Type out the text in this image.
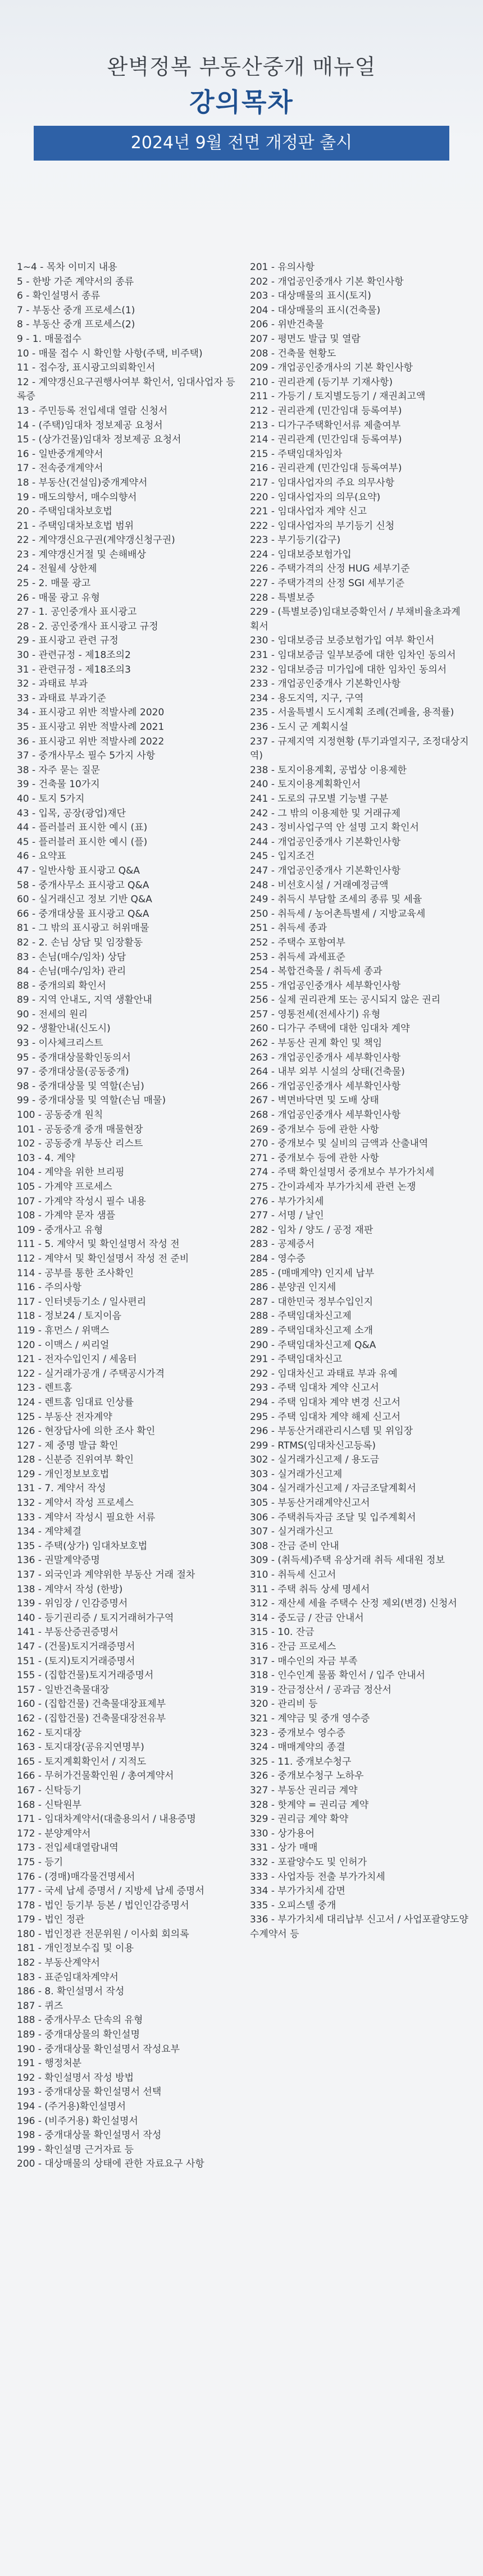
완벽정복 부동산중개 매뉴얼
강의목차
2024년 9월 전면 개정판 출시
1~4 - 목차 이미지 내용
5 - 한방 가준 계약서의 종류
6 - 확인설명서 종류
7 - 부동산 중개 프로세스(1)
8 - 부동산 중개 프로세스(2)
9 - 1. 매물접수
10 - 매물 접수 시 확인할 사항(주택, 비주택)
11 - 접수장, 표시광고의뢰확인서
12 - 계약갱신요구권행사여부 확인서, 임대사업자 등록증
13 - 주민등록 전입세대 열람 신청서
14 - (주택)임대차 정보제공 요청서
15 - (상가건물)임대차 정보제공 요청서
16 - 일반중개계약서
17 - 전속중개계약서
18 - 부동산(건설임)중개계약서
19 - 매도의향서, 매수의향서
20 - 주택임대차보호법
21 - 주택임대차보호법 범위
22 - 계약갱신요구권(계약갱신청구권)
23 - 계약갱신거절 및 손해배상
24 - 전월세 상한제
25 - 2. 매물 광고
26 - 매물 광고 유형
27 - 1. 공인중개사 표시광고
28 - 2. 공인중개사 표시광고 규정
29 - 표시광고 관련 규정
30 - 관련규정 - 제18조의2
31 - 관련규정 - 제18조의3
32 - 과태료 부과
33 - 과태료 부과기준
34 - 표시광고 위반 적발사례 2020
35 - 표시광고 위반 적발사례 2021
36 - 표시광고 위반 적발사례 2022
37 - 중개사무소 필수 5가지 사항
38 - 자주 묻는 질문
39 - 건축물 10가지
40 - 토지 5가지
43 - 입목, 공장(광업)재단
44 - 플러블러 표시한 예시 (표)
45 - 플러블러 표시한 예시 (플)
46 - 요약표
47 - 일반사항 표시광고 Q&A
58 - 중개사무소 표시광고 Q&A
60 - 실거래신고 정보 기반 Q&A
66 - 중개대상물 표시광고 Q&A
81 - 그 밖의 표시광고 허위매물
82 - 2. 손님 상담 및 임장활동
83 - 손님(매수/임차) 상담
84 - 손님(매수/임차) 관리
88 - 중개의뢰 확인서
89 - 지역 안내도, 지역 생활안내
90 - 전세의 원리
92 - 생활안내(신도시)
93 - 이사체크리스트
95 - 중개대상물확인동의서
97 - 중개대상물(공동중개)
98 - 중개대상물 및 역할(손님)
99 - 중개대상물 및 역할(손님 매물)
100 - 공동중개 원칙
101 - 공동중개 중개 매물현장
102 - 공동중개 부동산 리스트
103 - 4. 계약
104 - 계약을 위한 브리핑
105 - 가계약 프로세스
107 - 가계약 작성시 필수 내용
108 - 가계약 문자 샘플
109 - 중개사고 유형
111 - 5. 계약서 및 확인설명서 작성 전
112 - 계약서 및 확인설명서 작성 전 준비
114 - 공부를 통한 조사확인
116 - 주의사항
117 - 인터넷등기소 / 일사편리
118 - 정보24 / 토지이음
119 - 휴먼스 / 위맥스
120 - 이맥스 / 씨리얼
121 - 전자수입인지 / 세움터
122 - 실거래가공개 / 주택공시가격
123 - 렌트홈
124 - 렌트홈 임대료 인상률
125 - 부동산 전자계약
126 - 현장답사에 의한 조사 확인
127 - 제 중명 발급 확인
128 - 신분증 진위여부 확인
129 - 개인정보보호법
131 - 7. 계약서 작성
132 - 계약서 작성 프로세스
133 - 계약서 작성시 필요한 서류
134 - 계약체결
135 - 주택(상가) 임대차보호법
136 - 권말계약증명
137 - 외국인과 계약위한 부동산 거래 절차
138 - 계약서 작성 (한방)
139 - 위임장 / 인감증명서
140 - 등기권리증 / 토지거래허가구역
141 - 부동산증권증명서
147 - (건물)토지거래증명서
151 - (토지)토지거래증명서
155 - (집합건물)토지거래증명서
157 - 일반건축물대장
160 - (집합건물) 건축물대장표제부
162 - (집합건물) 건축물대장전유부
162 - 토지대장
163 - 토지대장(공유지연명부)
165 - 토지계획확인서 / 지적도
166 - 무허가건물확인원 / 총여계약서
167 - 신탁등기
168 - 신탁원부
171 - 임대차계약서(대출용의서 / 내용증명
172 - 분양계약서
173 - 전입세대열람내역
175 - 등기
176 - (경매)매각물건명세서
177 - 국세 납세 증명서 / 지방세 납세 증명서
178 - 법인 등기부 등본 / 법인인감증명서
179 - 법인 정관
180 - 법인정관 전문위원 / 이사회 회의록
181 - 개인정보수집 및 이용
182 - 부동산계약서
183 - 표준임대차계약서
186 - 8. 확인설명서 작성
187 - 퀴즈
188 - 중개사무소 단속의 유형
189 - 중개대상물의 확인설명
190 - 중개대상물 확인설명서 작성요부
191 - 행정처분
192 - 확인설명서 작성 방법
193 - 중개대상물 확인설명서 선택
194 - (주거용)확인설명서
196 - (비주거용) 확인설명서
198 - 중개대상물 확인설명서 작성
199 - 확인설명 근거자료 등
200 - 대상매물의 상태에 관한 자료요구 사항
201 - 유의사항
202 - 개업공인중개사 기본 확인사항
203 - 대상매물의 표시(토지)
204 - 대상매물의 표시(건축물)
206 - 위반건축물
207 - 평면도 발급 및 열람
208 - 건축물 현황도
209 - 개업공인중개사의 기본 확인사항
210 - 권리관계 (등기부 기재사항)
211 - 가등기 / 토지별도등기 / 재권최고액
212 - 권리관계 (민간임대 등록여부)
213 - 디가구주택확인서류 제출여부
214 - 권리관계 (민간임대 등록여부)
215 - 주택임대차임차
216 - 권리관계 (민간임대 등록여부)
217 - 임대사업자의 주요 의무사항
220 - 임대사업자의 의무(요약)
221 - 임대사업자 계약 신고
222 - 임대사업자의 부기등기 신청
223 - 부기등기(갑구)
224 - 임대보증보험가입
226 - 주택가격의 산정 HUG 세부기준
227 - 주택가격의 산정 SGI 세부기준
228 - 특별보증
229 - (특별보증)임대보증확인서 / 부채비율초과계획서
230 - 임대보증금 보증보험가입 여부 확인서
231 - 임대보증금 일부보증에 대한 임차인 동의서
232 - 임대보증금 미가입에 대한 임차인 동의서
233 - 개업공인중개사 기본확인사항
234 - 용도지역, 지구, 구역
235 - 서울특별시 도시계획 조례(건폐율, 용적률)
236 - 도시 군 계획시설
237 - 규제지역 지정현황 (투기과열지구, 조정대상지역)
238 - 토지이용계획, 공법상 이용제한
240 - 토지이용계획확인서
241 - 도로의 규모별 기능별 구분
242 - 그 밖의 이용제한 및 거래규제
243 - 정비사업구역 안 설명 고지 확인서
244 - 개업공인중개사 기본확인사항
245 - 입지조건
247 - 개업공인중개사 기본확인사항
248 - 비선호시설 / 거래예정금액
249 - 취득시 부담할 조세의 종류 및 세율
250 - 취득세 / 농어촌특별세 / 지방교육세
251 - 취득세 종과
252 - 주택수 포함여부
253 - 취득세 과세표준
254 - 복합건축물 / 취득세 종과
255 - 개업공인중개사 세부확인사항
256 - 실제 권리관계 또는 공시되지 않은 권리
257 - 영통전세(전세사기) 유형
260 - 디가구 주택에 대한 임대차 계약
262 - 부동산 권계 확인 및 책임
263 - 개업공인중개사 세부확인사항
264 - 내부 외부 시설의 상태(건축물)
266 - 개업공인중개사 세부확인사항
267 - 벽면바닥면 및 도배 상태
268 - 개업공인중개사 세부확인사항
269 - 중개보수 등에 관한 사항
270 - 중개보수 및 실비의 금액과 산출내역
271 - 중개보수 등에 관한 사항
274 - 주택 확인설명서 중개보수 부가가치세
275 - 간이과세자 부가가치세 관련 논쟁
276 - 부가가치세
277 - 서명 / 날인
282 - 임차 / 양도 / 공정 재판
283 - 공제증서
284 - 영수증
285 - (매매계약) 인지세 납부
286 - 분양권 인지세
287 - 대한민국 정부수입인지
288 - 주택임대차신고제
289 - 주택임대차신고제 소개
290 - 주택임대차신고제 Q&A
291 - 주택임대차신고
292 - 임대차신고 과태료 부과 유예
293 - 주택 임대차 계약 신고서
294 - 주택 임대차 계약 변경 신고서
295 - 주택 임대차 계약 해제 신고서
296 - 부동산거래관리시스템 및 위임장
299 - RTMS(임대차신고등록)
302 - 실거래가신고제 / 용도금
303 - 실거래가신고제
304 - 실거래가신고제 / 자금조달계획서
305 - 부동산거래계약신고서
306 - 주택취득자금 조달 및 입주계획서
307 - 실거래가신고
308 - 잔금 준비 안내
309 - (취득세)주택 유상거래 취득 세대원 정보
310 - 취득세 신고서
311 - 주택 취득 상세 명세서
312 - 재산세 세율 주택수 산정 제외(변경) 신청서
314 - 중도금 / 잔금 안내서
315 - 10. 잔금
316 - 잔금 프로세스
317 - 매수인의 자금 부족
318 - 인수인계 물품 확인서 / 입주 안내서
319 - 잔금정산서 / 공과금 정산서
320 - 관리비 등
321 - 계약금 및 중개 영수증
323 - 중개보수 영수증
324 - 매매계약의 종결
325 - 11. 중개보수청구
326 - 중개보수청구 노하우
327 - 부동산 권리금 계약
328 - 핫계약 = 권리금 계약
329 - 권리금 계약 확약
330 - 상가용어
331 - 상가 매매
332 - 포괄양수도 및 인허가
333 - 사업자등 전출 부가가치세
334 - 부가가치세 감면
335 - 오피스텔 중개
336 - 부가가치세 대리납부 신고서 / 사업포괄양도양수계약서 등
